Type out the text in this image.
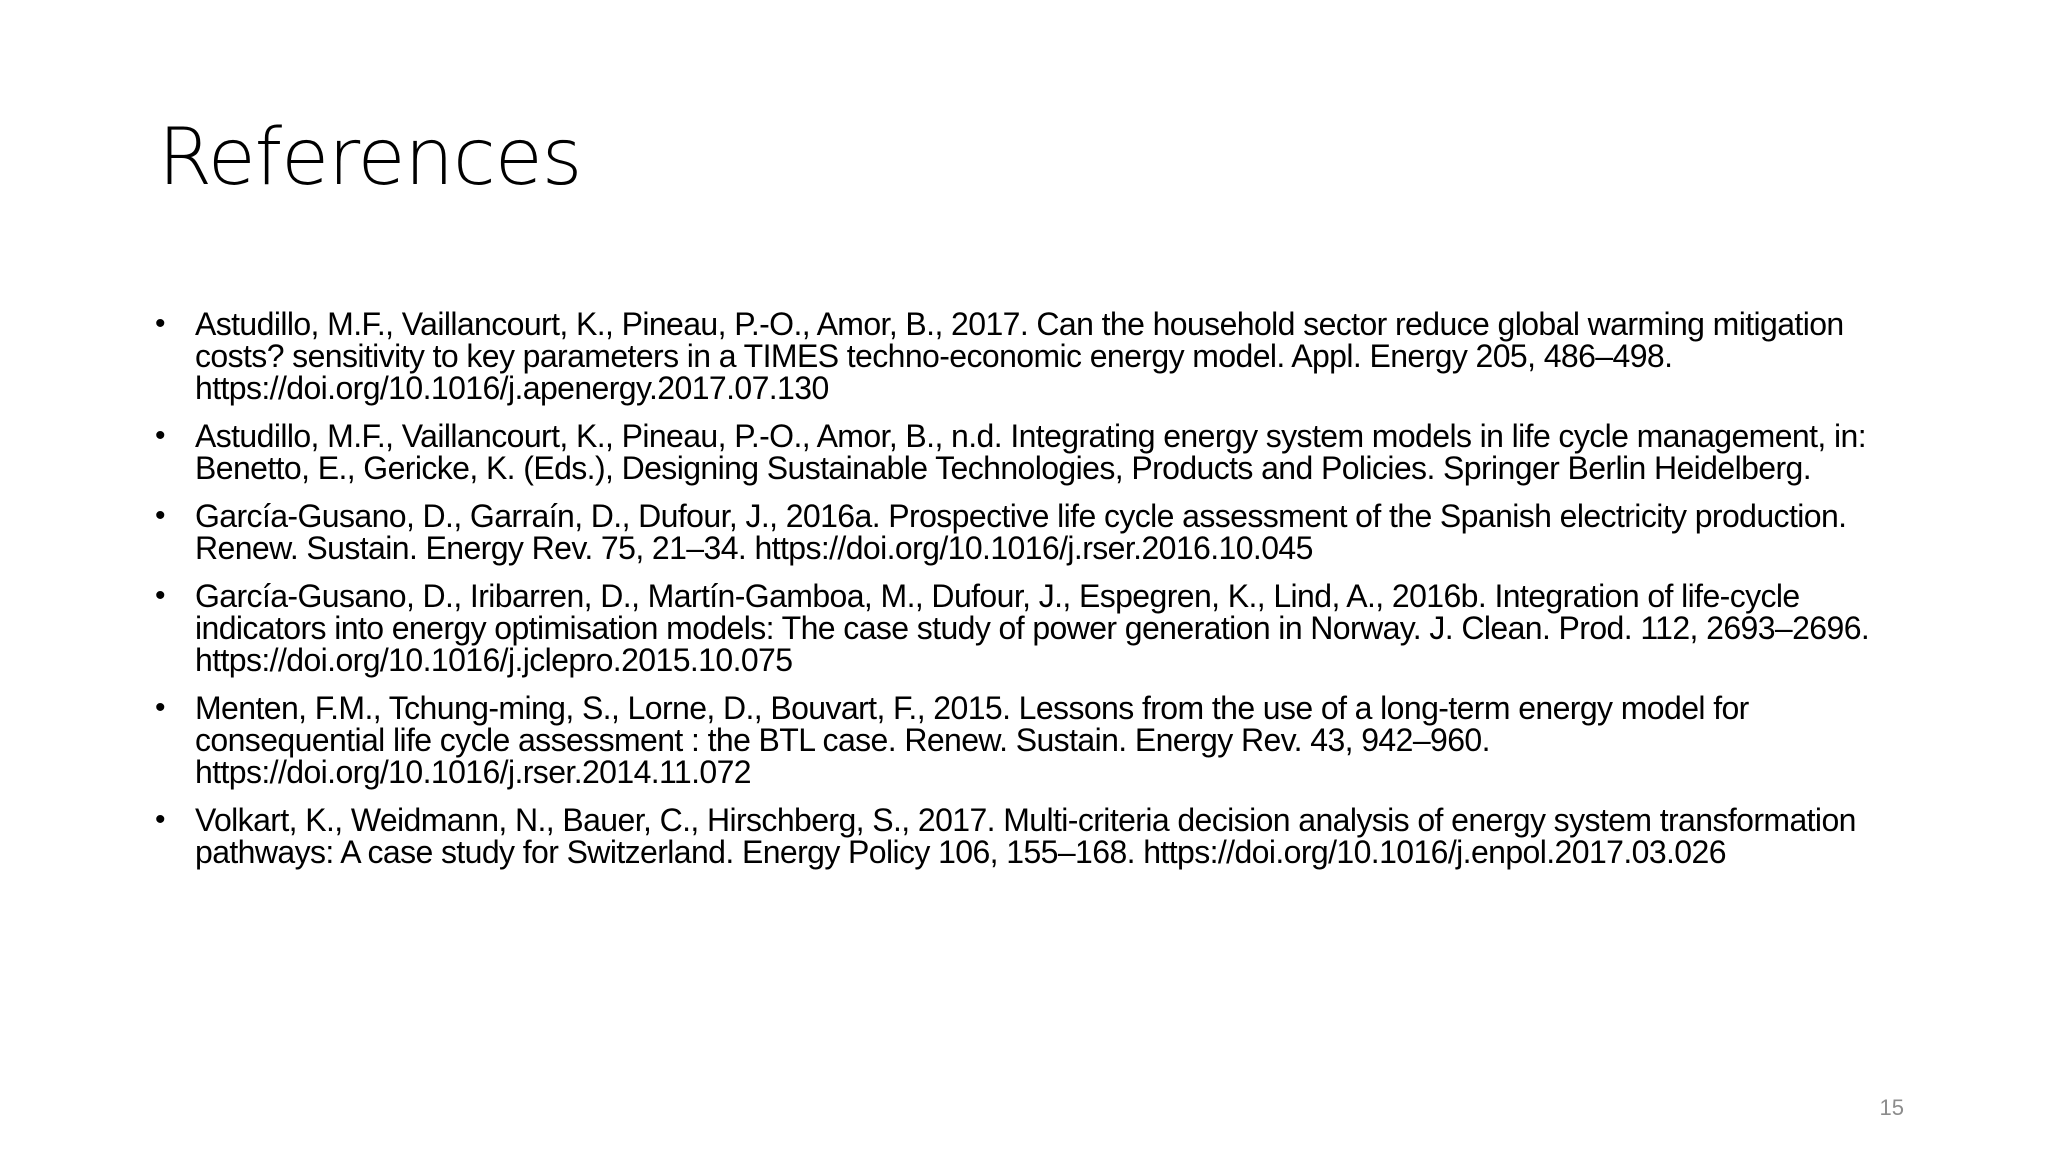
References
• Astudillo, M.F., Vaillancourt, K., Pineau, P.-O., Amor, B., 2017. Can the household sector reduce global warming mitigation costs? sensitivity to key parameters in a TIMES techno-economic energy model. Appl. Energy 205, 486–498. https://doi.org/10.1016/j.apenergy.2017.07.130
• Astudillo, M.F., Vaillancourt, K., Pineau, P.-O., Amor, B., n.d. Integrating energy system models in life cycle management, in: Benetto, E., Gericke, K. (Eds.), Designing Sustainable Technologies, Products and Policies. Springer Berlin Heidelberg.
• García-Gusano, D., Garraín, D., Dufour, J., 2016a. Prospective life cycle assessment of the Spanish electricity production. Renew. Sustain. Energy Rev. 75, 21–34. https://doi.org/10.1016/j.rser.2016.10.045
• García-Gusano, D., Iribarren, D., Martín-Gamboa, M., Dufour, J., Espegren, K., Lind, A., 2016b. Integration of life-cycle indicators into energy optimisation models: The case study of power generation in Norway. J. Clean. Prod. 112, 2693–2696. https://doi.org/10.1016/j.jclepro.2015.10.075
• Menten, F.M., Tchung-ming, S., Lorne, D., Bouvart, F., 2015. Lessons from the use of a long-term energy model for consequential life cycle assessment : the BTL case. Renew. Sustain. Energy Rev. 43, 942–960. https://doi.org/10.1016/j.rser.2014.11.072
• Volkart, K., Weidmann, N., Bauer, C., Hirschberg, S., 2017. Multi-criteria decision analysis of energy system transformation pathways: A case study for Switzerland. Energy Policy 106, 155–168. https://doi.org/10.1016/j.enpol.2017.03.026
15
